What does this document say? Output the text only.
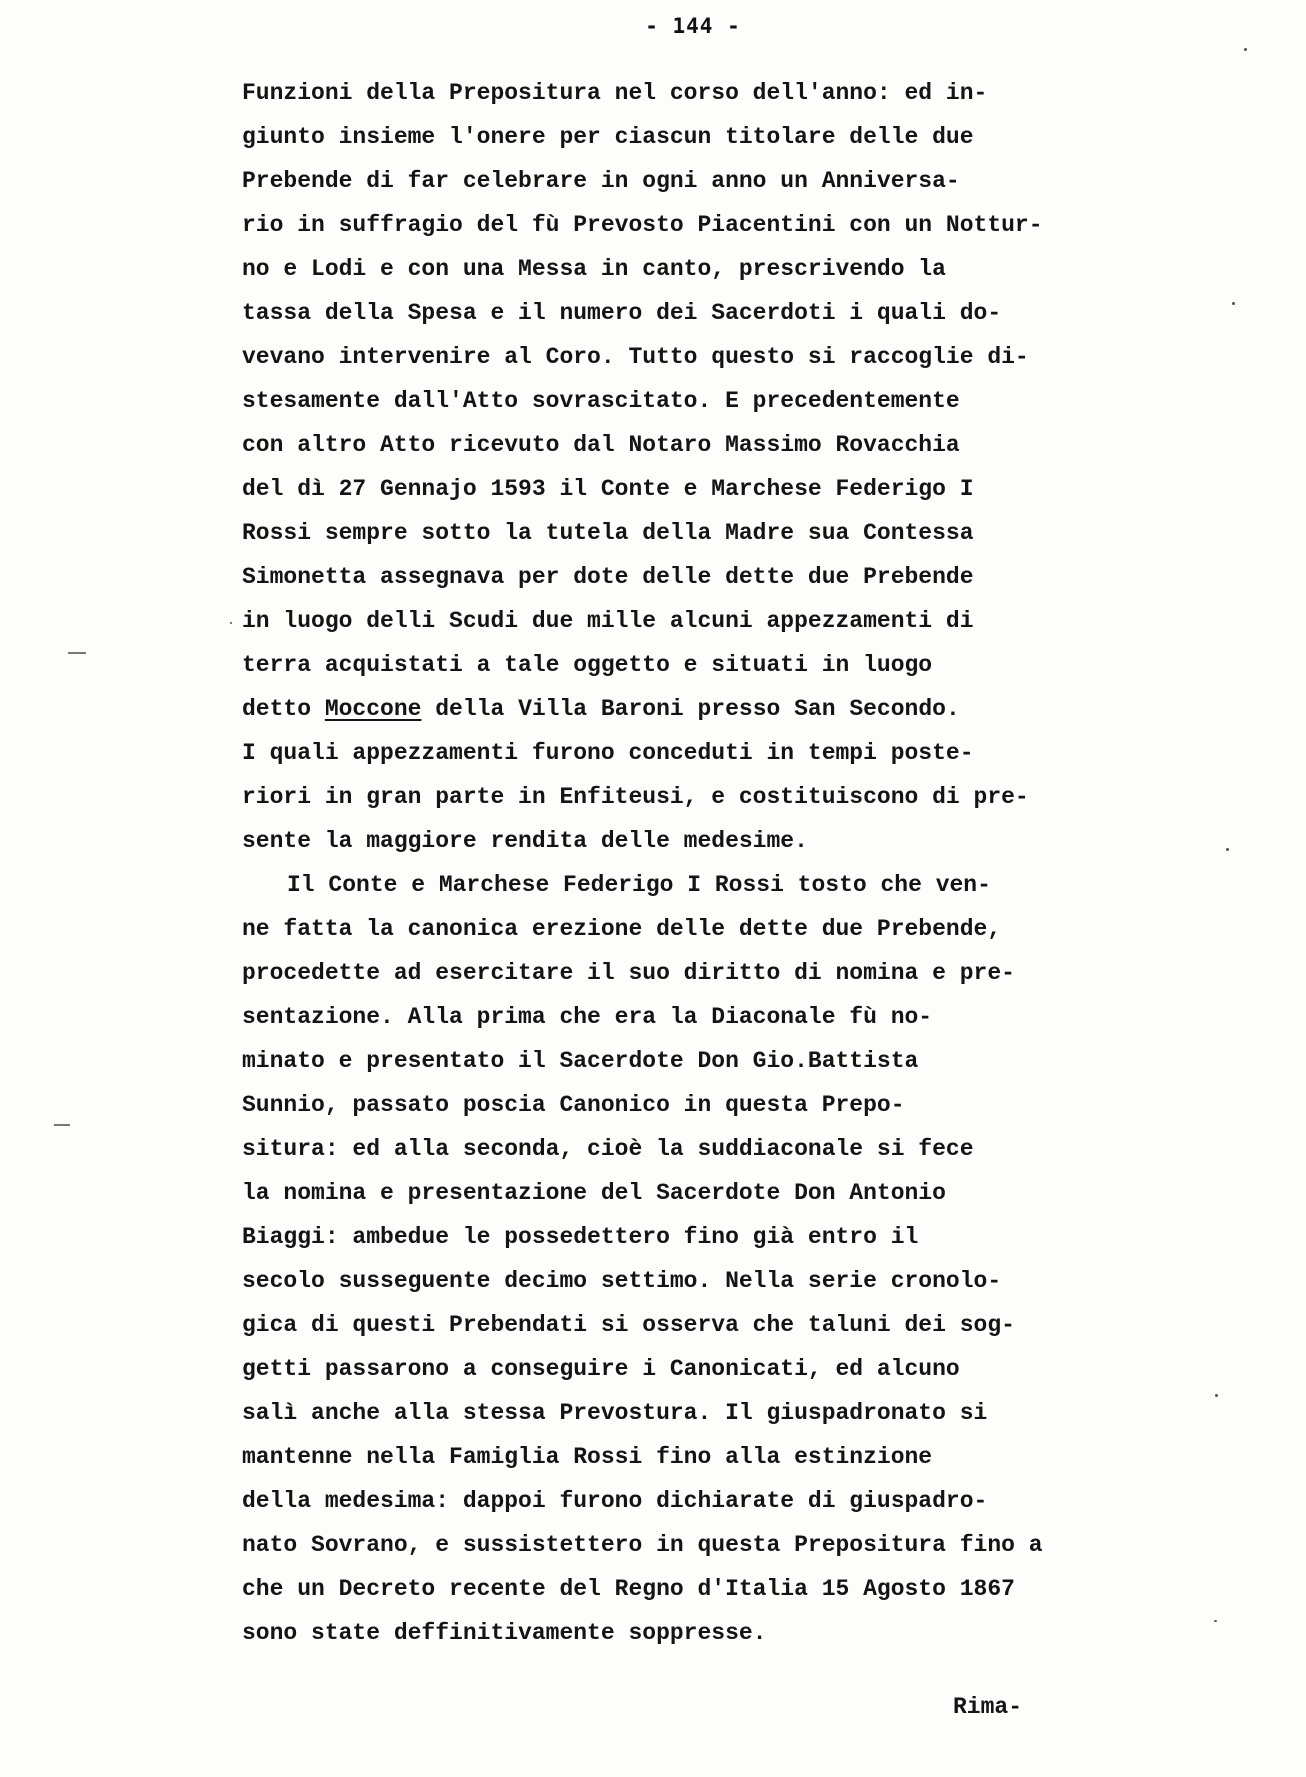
- 144 -
Funzioni della Prepositura nel corso dell'anno: ed in-
giunto insieme l'onere per ciascun titolare delle due
Prebende di far celebrare in ogni anno un Anniversa-
rio in suffragio del fù Prevosto Piacentini con un Nottur-
no e Lodi e con una Messa in canto, prescrivendo la
tassa della Spesa e il numero dei Sacerdoti i quali do-
vevano intervenire al Coro. Tutto questo si raccoglie di-
stesamente dall'Atto sovrascitato. E precedentemente
con altro Atto ricevuto dal Notaro Massimo Rovacchia
del dì 27 Gennajo 1593 il Conte e Marchese Federigo I
Rossi sempre sotto la tutela della Madre sua Contessa
Simonetta assegnava per dote delle dette due Prebende
in luogo delli Scudi due mille alcuni appezzamenti di
terra acquistati a tale oggetto e situati in luogo
detto Moccone della Villa Baroni presso San Secondo.
I quali appezzamenti furono conceduti in tempi poste-
riori in gran parte in Enfiteusi, e costituiscono di pre-
sente la maggiore rendita delle medesime.
Il Conte e Marchese Federigo I Rossi tosto che ven-
ne fatta la canonica erezione delle dette due Prebende,
procedette ad esercitare il suo diritto di nomina e pre-
sentazione. Alla prima che era la Diaconale fù no-
minato e presentato il Sacerdote Don Gio.Battista
Sunnio, passato poscia Canonico in questa Prepo-
situra: ed alla seconda, cioè la suddiaconale si fece
la nomina e presentazione del Sacerdote Don Antonio
Biaggi: ambedue le possedettero fino già entro il
secolo susseguente decimo settimo. Nella serie cronolo-
gica di questi Prebendati si osserva che taluni dei sog-
getti passarono a conseguire i Canonicati, ed alcuno
salì anche alla stessa Prevostura. Il giuspadronato si
mantenne nella Famiglia Rossi fino alla estinzione
della medesima: dappoi furono dichiarate di giuspadro-
nato Sovrano, e sussistettero in questa Prepositura fino a
che un Decreto recente del Regno d'Italia 15 Agosto 1867
sono state deffinitivamente soppresse.
Rima-
